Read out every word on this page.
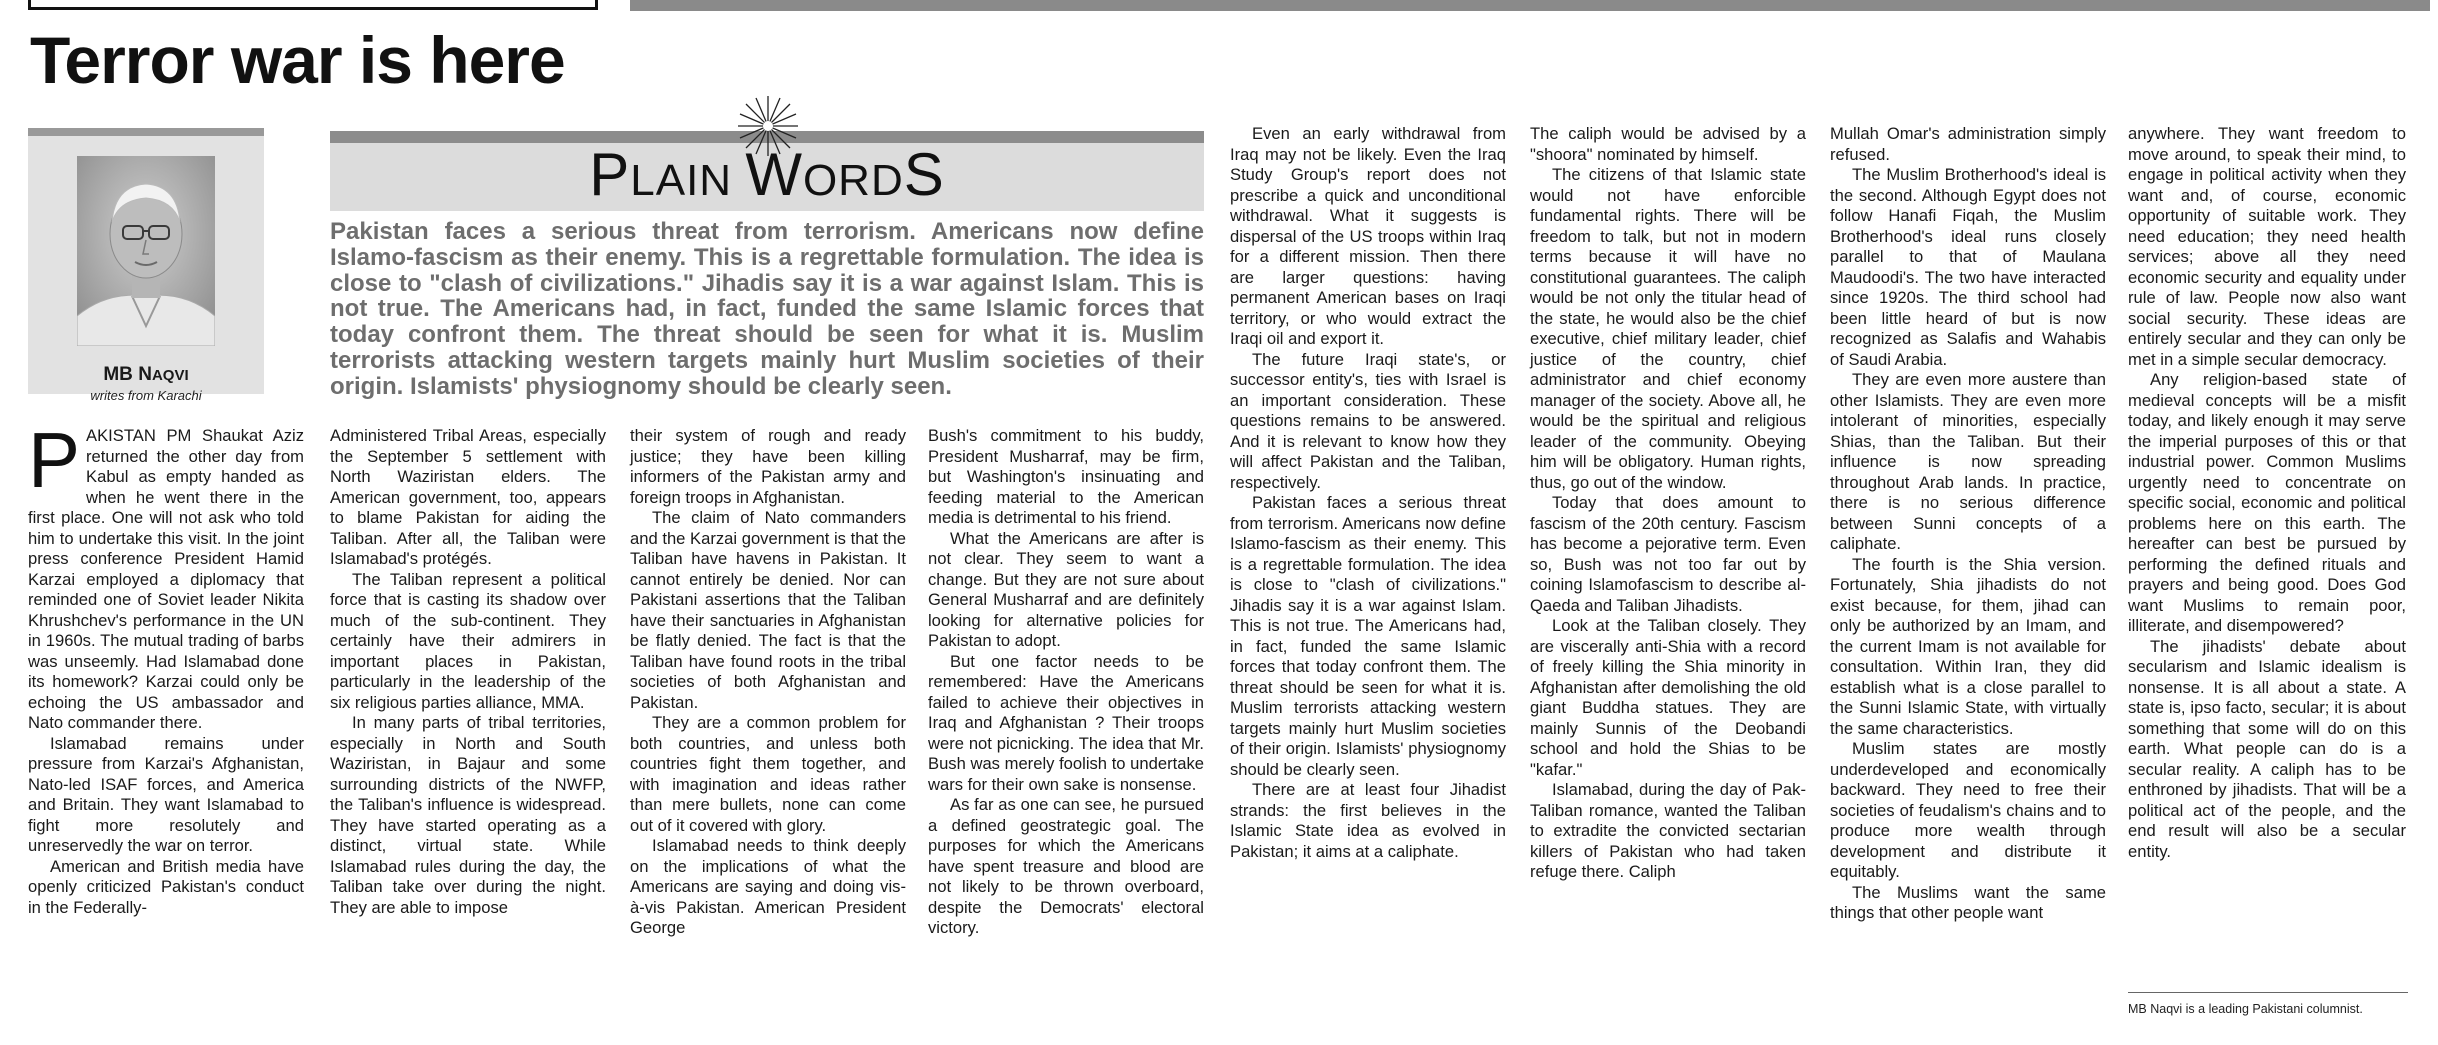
Terror war is here
MB NAQVI
writes from Karachi
PLAIN WORDS
Pakistan faces a serious threat from terrorism. Americans now define Islamo-fascism as their enemy. This is a regrettable formulation. The idea is close to "clash of civilizations." Jihadis say it is a war against Islam. This is not true. The Americans had, in fact, funded the same Islamic forces that today confront them. The threat should be seen for what it is. Muslim terrorists attacking western targets mainly hurt Muslim societies of their origin. Islamists' physiognomy should be clearly seen.

PAKISTAN PM Shaukat Aziz returned the other day from Kabul as empty handed as when he went there in the first place. One will not ask who told him to undertake this visit. In the joint press conference President Hamid Karzai employed a diplomacy that reminded one of Soviet leader Nikita Khrushchev's performance in the UN in 1960s. The mutual trading of barbs was unseemly. Had Islamabad done its homework? Karzai could only be echoing the US ambassador and Nato commander there.

Islamabad remains under pressure from Karzai's Afghanistan, Nato-led ISAF forces, and America and Britain. They want Islamabad to fight more resolutely and unreservedly the war on terror.

American and British media have openly criticized Pakistan's conduct in the Federally-

Administered Tribal Areas, especially the September 5 settlement with North Waziristan elders. The American government, too, appears to blame Pakistan for aiding the Taliban. After all, the Taliban were Islamabad's protégés.

The Taliban represent a political force that is casting its shadow over much of the sub-continent. They certainly have their admirers in important places in Pakistan, particularly in the leadership of the six religious parties alliance, MMA.

In many parts of tribal territories, especially in North and South Waziristan, in Bajaur and some surrounding districts of the NWFP, the Taliban's influence is widespread. They have started operating as a distinct, virtual state. While Islamabad rules during the day, the Taliban take over during the night. They are able to impose

their system of rough and ready justice; they have been killing informers of the Pakistan army and foreign troops in Afghanistan.

The claim of Nato commanders and the Karzai government is that the Taliban have havens in Pakistan. It cannot entirely be denied. Nor can Pakistani assertions that the Taliban have their sanctuaries in Afghanistan be flatly denied. The fact is that the Taliban have found roots in the tribal societies of both Afghanistan and Pakistan.

They are a common problem for both countries, and unless both countries fight them together, and with imagination and ideas rather than mere bullets, none can come out of it covered with glory.

Islamabad needs to think deeply on the implications of what the Americans are saying and doing vis-à-vis Pakistan. American President George

Bush's commitment to his buddy, President Musharraf, may be firm, but Washington's insinuating and feeding material to the American media is detrimental to his friend.

What the Americans are after is not clear. They seem to want a change. But they are not sure about General Musharraf and are definitely looking for alternative policies for Pakistan to adopt.

But one factor needs to be remembered: Have the Americans failed to achieve their objectives in Iraq and Afghanistan ? Their troops were not picnicking. The idea that Mr. Bush was merely foolish to undertake wars for their own sake is nonsense.

As far as one can see, he pursued a defined geostrategic goal. The purposes for which the Americans have spent treasure and blood are not likely to be thrown overboard, despite the Democrats' electoral victory.

Even an early withdrawal from Iraq may not be likely. Even the Iraq Study Group's report does not prescribe a quick and unconditional withdrawal. What it suggests is dispersal of the US troops within Iraq for a different mission. Then there are larger questions: having permanent American bases on Iraqi territory, or who would extract the Iraqi oil and export it.

The future Iraqi state's, or successor entity's, ties with Israel is an important consideration. These questions remains to be answered. And it is relevant to know how they will affect Pakistan and the Taliban, respectively.

Pakistan faces a serious threat from terrorism. Americans now define Islamo-fascism as their enemy. This is a regrettable formulation. The idea is close to "clash of civilizations." Jihadis say it is a war against Islam. This is not true. The Americans had, in fact, funded the same Islamic forces that today confront them. The threat should be seen for what it is. Muslim terrorists attacking western targets mainly hurt Muslim societies of their origin. Islamists' physiognomy should be clearly seen.

There are at least four Jihadist strands: the first believes in the Islamic State idea as evolved in Pakistan; it aims at a caliphate.

The caliph would be advised by a "shoora" nominated by himself.

The citizens of that Islamic state would not have enforcible fundamental rights. There will be freedom to talk, but not in modern terms because it will have no constitutional guarantees. The caliph would be not only the titular head of the state, he would also be the chief executive, chief military leader, chief justice of the country, chief administrator and chief economy manager of the society. Above all, he would be the spiritual and religious leader of the community. Obeying him will be obligatory. Human rights, thus, go out of the window.

Today that does amount to fascism of the 20th century. Fascism has become a pejorative term. Even so, Bush was not too far out by coining Islamofascism to describe al-Qaeda and Taliban Jihadists.

Look at the Taliban closely. They are viscerally anti-Shia with a record of freely killing the Shia minority in Afghanistan after demolishing the old giant Buddha statues. They are mainly Sunnis of the Deobandi school and hold the Shias to be "kafar."

Islamabad, during the day of Pak-Taliban romance, wanted the Taliban to extradite the convicted sectarian killers of Pakistan who had taken refuge there. Caliph

Mullah Omar's administration simply refused.

The Muslim Brotherhood's ideal is the second. Although Egypt does not follow Hanafi Fiqah, the Muslim Brotherhood's ideal runs closely parallel to that of Maulana Maudoodi's. The two have interacted since 1920s. The third school had been little heard of but is now recognized as Salafis and Wahabis of Saudi Arabia.

They are even more austere than other Islamists. They are even more intolerant of minorities, especially Shias, than the Taliban. But their influence is now spreading throughout Arab lands. In practice, there is no serious difference between Sunni concepts of a caliphate.

The fourth is the Shia version. Fortunately, Shia jihadists do not exist because, for them, jihad can only be authorized by an Imam, and the current Imam is not available for consultation. Within Iran, they did establish what is a close parallel to the Sunni Islamic State, with virtually the same characteristics.

Muslim states are mostly underdeveloped and economically backward. They need to free their societies of feudalism's chains and to produce more wealth through development and distribute it equitably.

The Muslims want the same things that other people want

anywhere. They want freedom to move around, to speak their mind, to engage in political activity when they want and, of course, economic opportunity of suitable work. They need education; they need health services; above all they need economic security and equality under rule of law. People now also want social security. These ideas are entirely secular and they can only be met in a simple secular democracy.

Any religion-based state of medieval concepts will be a misfit today, and likely enough it may serve the imperial purposes of this or that industrial power. Common Muslims urgently need to concentrate on specific social, economic and political problems here on this earth. The hereafter can best be pursued by performing the defined rituals and prayers and being good. Does God want Muslims to remain poor, illiterate, and disempowered?

The jihadists' debate about secularism and Islamic idealism is nonsense. It is all about a state. A state is, ipso facto, secular; it is about something that some will do on this earth. What people can do is a secular reality. A caliph has to be enthroned by jihadists. That will be a political act of the people, and the end result will also be a secular entity.

MB Naqvi is a leading Pakistani columnist.
